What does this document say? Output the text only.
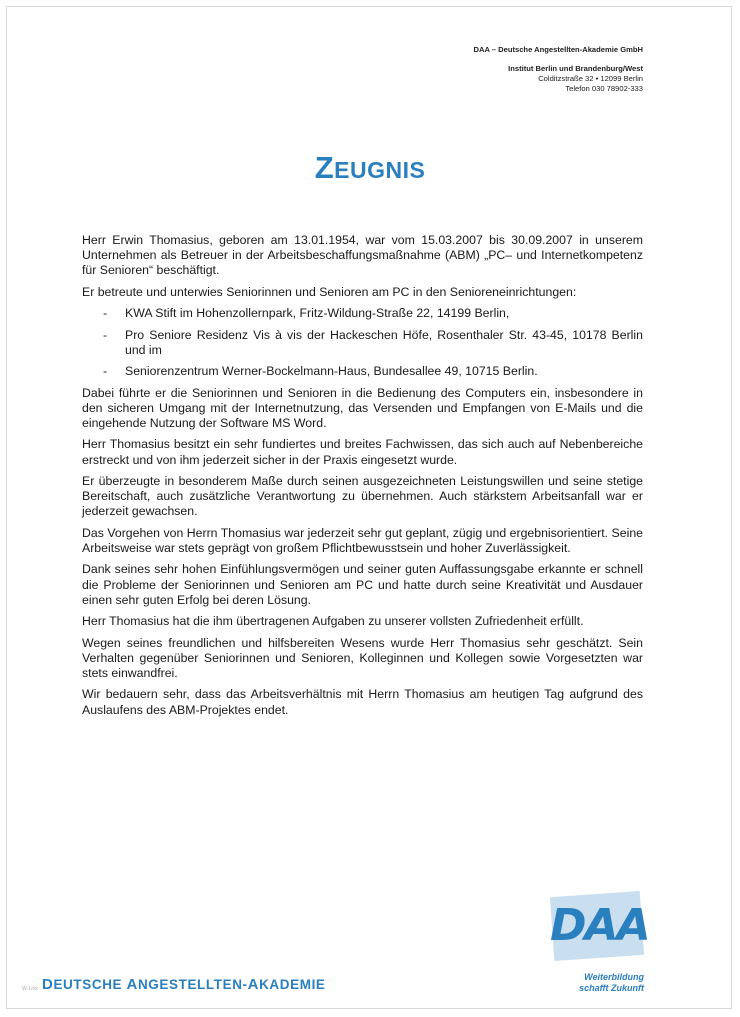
DAA – Deutsche Angestellten-Akademie GmbH
Institut Berlin und Brandenburg/West
Colditzstraße 32 • 12099 Berlin
Telefon 030 78902-333
ZEUGNIS

Herr Erwin Thomasius, geboren am 13.01.1954, war vom 15.03.2007 bis 30.09.2007 in unserem Unternehmen als Betreuer in der Arbeitsbeschaffungsmaßnahme (ABM) „PC– und Internetkompetenz für Senioren“ beschäftigt.

Er betreute und unterwies Seniorinnen und Senioren am PC in den Senioreneinrichtungen:

- KWA Stift im Hohenzollernpark, Fritz-Wildung-Straße 22, 14199 Berlin,
- Pro Seniore Residenz Vis à vis der Hackeschen Höfe, Rosenthaler Str. 43-45, 10178 Berlin und im
- Seniorenzentrum Werner-Bockelmann-Haus, Bundesallee 49, 10715 Berlin.

Dabei führte er die Seniorinnen und Senioren in die Bedienung des Computers ein, insbesondere in den sicheren Umgang mit der Internetnutzung, das Versenden und Empfangen von E-Mails und die eingehende Nutzung der Software MS Word.

Herr Thomasius besitzt ein sehr fundiertes und breites Fachwissen, das sich auch auf Nebenbereiche erstreckt und von ihm jederzeit sicher in der Praxis eingesetzt wurde.

Er überzeugte in besonderem Maße durch seinen ausgezeichneten Leistungswillen und seine stetige Bereitschaft, auch zusätzliche Verantwortung zu übernehmen. Auch stärkstem Arbeitsanfall war er jederzeit gewachsen.

Das Vorgehen von Herrn Thomasius war jederzeit sehr gut geplant, zügig und ergebnisorientiert. Seine Arbeitsweise war stets geprägt von großem Pflichtbewusstsein und hoher Zuverlässigkeit.

Dank seines sehr hohen Einfühlungsvermögen und seiner guten Auffassungsgabe erkannte er schnell die Probleme der Seniorinnen und Senioren am PC und hatte durch seine Kreativität und Ausdauer einen sehr guten Erfolg bei deren Lösung.

Herr Thomasius hat die ihm übertragenen Aufgaben zu unserer vollsten Zufriedenheit erfüllt.

Wegen seines freundlichen und hilfsbereiten Wesens wurde Herr Thomasius sehr geschätzt. Sein Verhalten gegenüber Seniorinnen und Senioren, Kolleginnen und Kollegen sowie Vorgesetzten war stets einwandfrei.

Wir bedauern sehr, dass das Arbeitsverhältnis mit Herrn Thomasius am heutigen Tag aufgrund des Auslaufens des ABM-Projektes endet.

W-1/ex DEUTSCHE ANGESTELLTEN-AKADEMIE
DAA
Weiterbildung
schafft Zukunft
